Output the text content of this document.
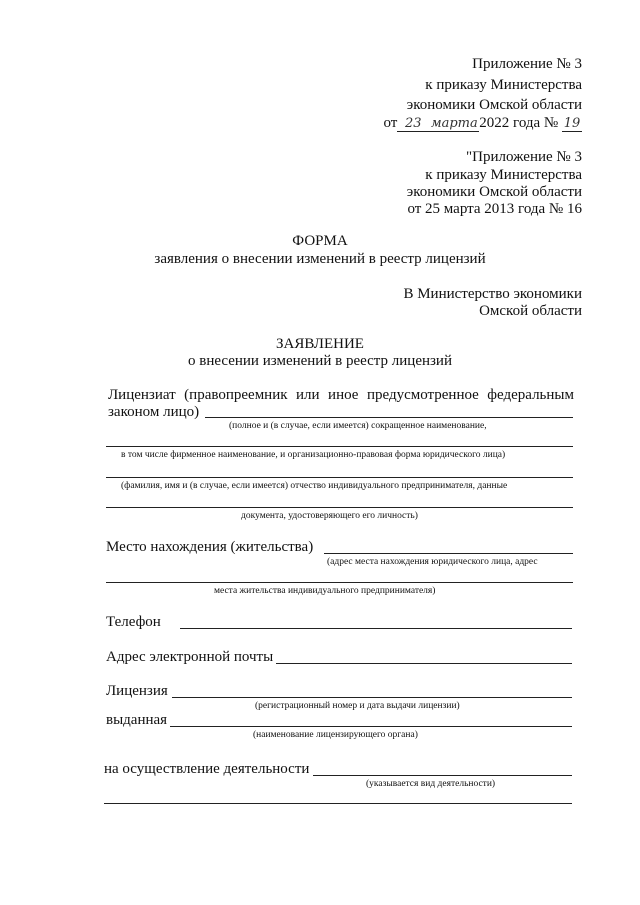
Приложение № 3
к приказу Министерства
экономики Омской области
от 23 марта 2022 года № 19
"Приложение № 3
к приказу Министерства
экономики Омской области
от 25 марта 2013 года № 16
ФОРМА
заявления о внесении изменений в реестр лицензий
В Министерство экономики
Омской области
ЗАЯВЛЕНИЕ
о внесении изменений в реестр лицензий
Лицензиат (правопреемник или иное предусмотренное федеральным
законом лицо)
(полное и (в случае, если имеется) сокращенное наименование,
в том числе фирменное наименование, и организационно-правовая форма юридического лица)
(фамилия, имя и (в случае, если имеется) отчество индивидуального предпринимателя, данные
документа, удостоверяющего его личность)
Место нахождения (жительства)
(адрес места нахождения юридического лица, адрес
места жительства индивидуального предпринимателя)
Телефон
Адрес электронной почты
Лицензия
(регистрационный номер и дата выдачи лицензии)
выданная
(наименование лицензирующего органа)
на осуществление деятельности
(указывается вид деятельности)
